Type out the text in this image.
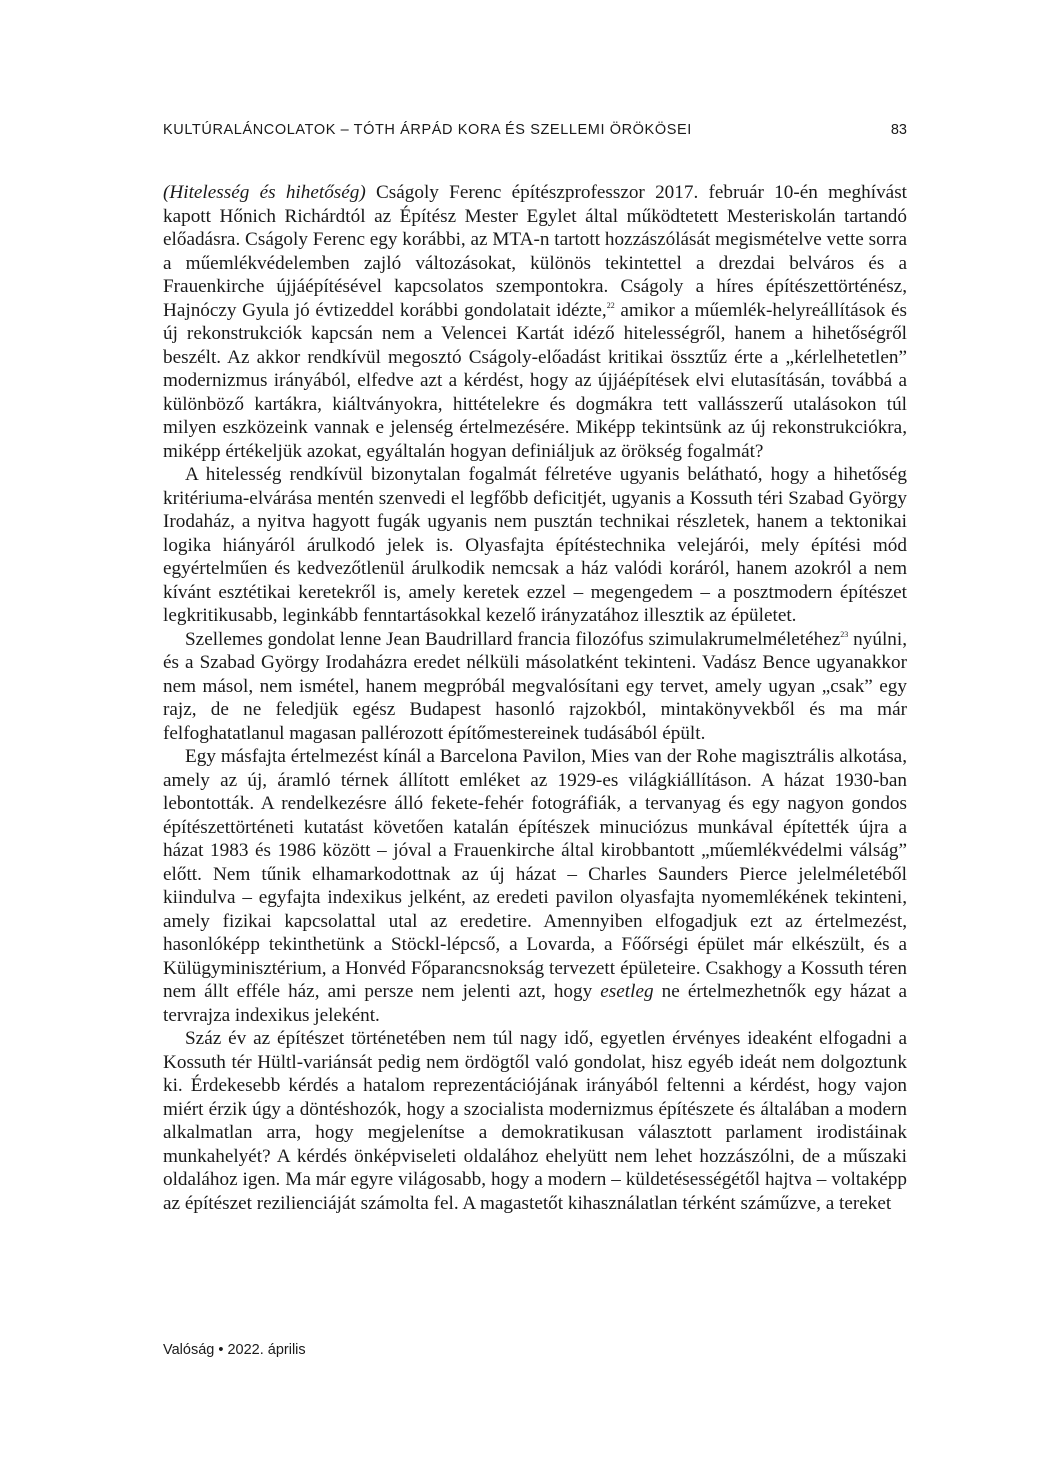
KULTÚRALÁNCOLATOK – TÓTH ÁRPÁD KORA ÉS SZELLEMI ÖRÖKÖSEI	83

(Hitelesség és hihetőség) Cságoly Ferenc építészprofesszor 2017. február 10-én meghívást kapott Hőnich Richárdtól az Építész Mester Egylet által működtetett Mesteriskolán tartandó előadásra. Cságoly Ferenc egy korábbi, az MTA-n tartott hozzászólását megismételve vette sorra a műemlékvédelemben zajló változásokat, különös tekintettel a drezdai belváros és a Frauenkirche újjáépítésével kapcsolatos szempontokra. Cságoly a híres építészettörténész, Hajnóczy Gyula jó évtizeddel korábbi gondolatait idézte,$^{22}$ amikor a műemlék-helyreállítások és új rekonstrukciók kapcsán nem a Velencei Kartát idéző hitelességről, hanem a hihetőségről beszélt. Az akkor rendkívül megosztó Cságoly-előadást kritikai össztűz érte a „kérlelhetetlen” modernizmus irányából, elfedve azt a kérdést, hogy az újjáépítések elvi elutasításán, továbbá a különböző kartákra, kiáltványokra, hittételekre és dogmákra tett vallásszerű utalásokon túl milyen eszközeink vannak e jelenség értelmezésére. Miképp tekintsünk az új rekonstrukciókra, miképp értékeljük azokat, egyáltalán hogyan definiáljuk az örökség fogalmát?

A hitelesség rendkívül bizonytalan fogalmát félretéve ugyanis belátható, hogy a hihetőség kritériuma-elvárása mentén szenvedi el legfőbb deficitjét, ugyanis a Kossuth téri Szabad György Irodaház, a nyitva hagyott fugák ugyanis nem pusztán technikai részletek, hanem a tektonikai logika hiányáról árulkodó jelek is. Olyasfajta építéstechnika velejárói, mely építési mód egyértelműen és kedvezőtlenül árulkodik nemcsak a ház valódi koráról, hanem azokról a nem kívánt esztétikai keretekről is, amely keretek ezzel – megengedem – a posztmodern építészet legkritikusabb, leginkább fenntartásokkal kezelő irányzatához illesztik az épületet.

Szellemes gondolat lenne Jean Baudrillard francia filozófus szimulakrumelméletéhez$^{23}$ nyúlni, és a Szabad György Irodaházra eredet nélküli másolatként tekinteni. Vadász Bence ugyanakkor nem másol, nem ismétel, hanem megpróbál megvalósítani egy tervet, amely ugyan „csak” egy rajz, de ne feledjük egész Budapest hasonló rajzokból, mintakönyvekből és ma már felfoghatatlanul magasan pallérozott építőmestereinek tudásából épült.

Egy másfajta értelmezést kínál a Barcelona Pavilon, Mies van der Rohe magisztrális alkotása, amely az új, áramló térnek állított emléket az 1929-es világkiállításon. A házat 1930-ban lebontották. A rendelkezésre álló fekete-fehér fotográfiák, a tervanyag és egy nagyon gondos építészettörténeti kutatást követően katalán építészek minuciózus munkával építették újra a házat 1983 és 1986 között – jóval a Frauenkirche által kirobbantott „műemlékvédelmi válság” előtt. Nem tűnik elhamarkodottnak az új házat – Charles Saunders Pierce jelelméletéből kiindulva – egyfajta indexikus jelként, az eredeti pavilon olyasfajta nyomemlékének tekinteni, amely fizikai kapcsolattal utal az eredetire. Amennyiben elfogadjuk ezt az értelmezést, hasonlóképp tekinthetünk a Stöckl-lépcső, a Lovarda, a Főőrségi épület már elkészült, és a Külügyminisztérium, a Honvéd Főparancsnokság tervezett épületeire. Csakhogy a Kossuth téren nem állt efféle ház, ami persze nem jelenti azt, hogy esetleg ne értelmezhetnők egy házat a tervrajza indexikus jeleként.

Száz év az építészet történetében nem túl nagy idő, egyetlen érvényes ideaként elfogadni a Kossuth tér Hültl-variánsát pedig nem ördögtől való gondolat, hisz egyéb ideát nem dolgoztunk ki. Érdekesebb kérdés a hatalom reprezentációjának irányából feltenni a kérdést, hogy vajon miért érzik úgy a döntéshozók, hogy a szocialista modernizmus építészete és általában a modern alkalmatlan arra, hogy megjelenítse a demokratikusan választott parlament irodistáinak munkahelyét? A kérdés önképviseleti oldalához ehelyütt nem lehet hozzászólni, de a műszaki oldalához igen. Ma már egyre világosabb, hogy a modern – küldetésességétől hajtva – voltaképp az építészet rezilienciáját számolta fel. A magastetőt kihasználatlan térként száműzve, a tereket

Valóság • 2022. április
